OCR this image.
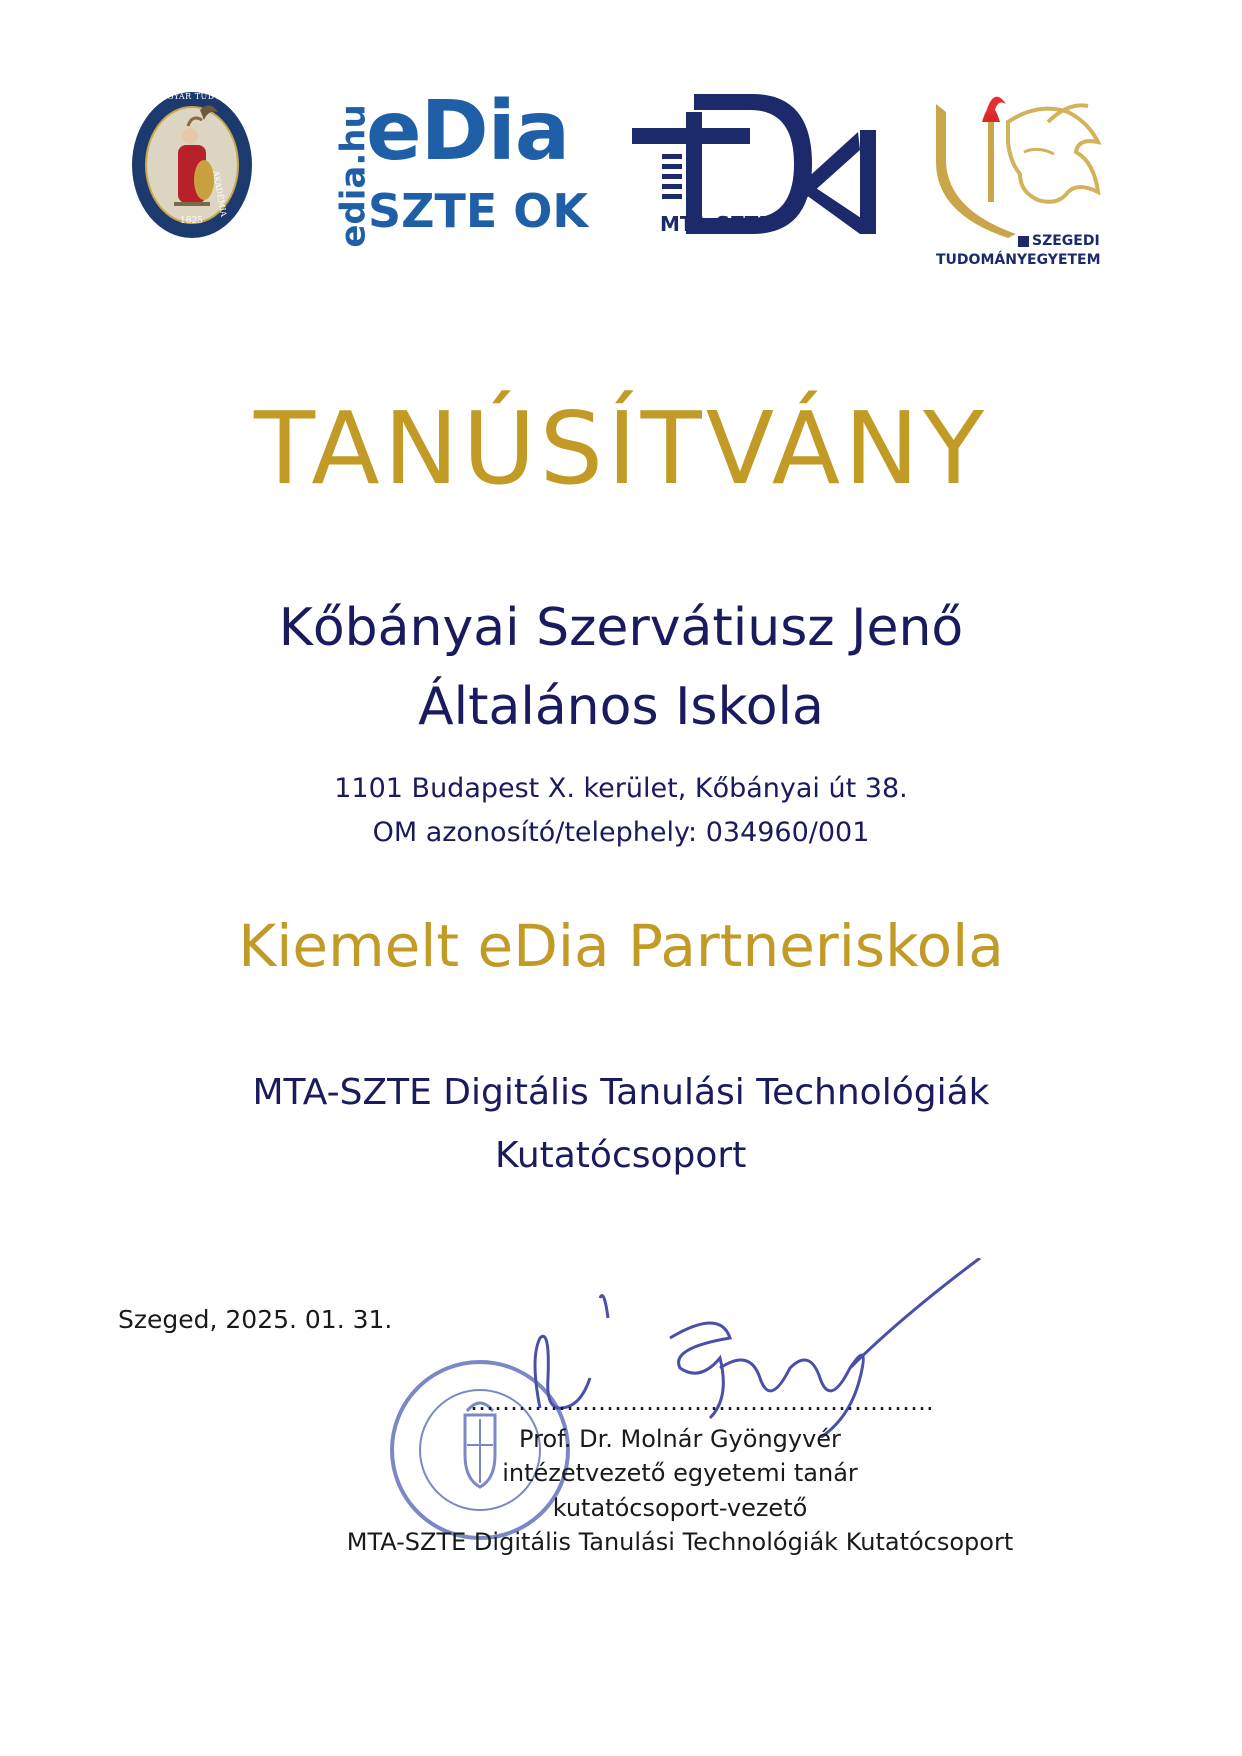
1825
MAGYAR TUDOMÁNYOS
AKADÉMIA	edia.hu
eDia
SZTE OK	MTA-SZTE
SZEGEDI
TUDOMÁNYEGYETEM
TANÚSÍTVÁNY
Kőbányai Szervátiusz Jenő
Általános Iskola
1101 Budapest X. kerület, Kőbányai út 38.
OM azonosító/telephely: 034960/001
Kiemelt eDia Partneriskola
MTA-SZTE Digitális Tanulási Technológiák
Kutatócsoport
Szeged, 2025. 01. 31.
………………………………………………….
Prof. Dr. Molnár Gyöngyvér
intézetvezető egyetemi tanár
kutatócsoport-vezető
MTA-SZTE Digitális Tanulási Technológiák Kutatócsoport
